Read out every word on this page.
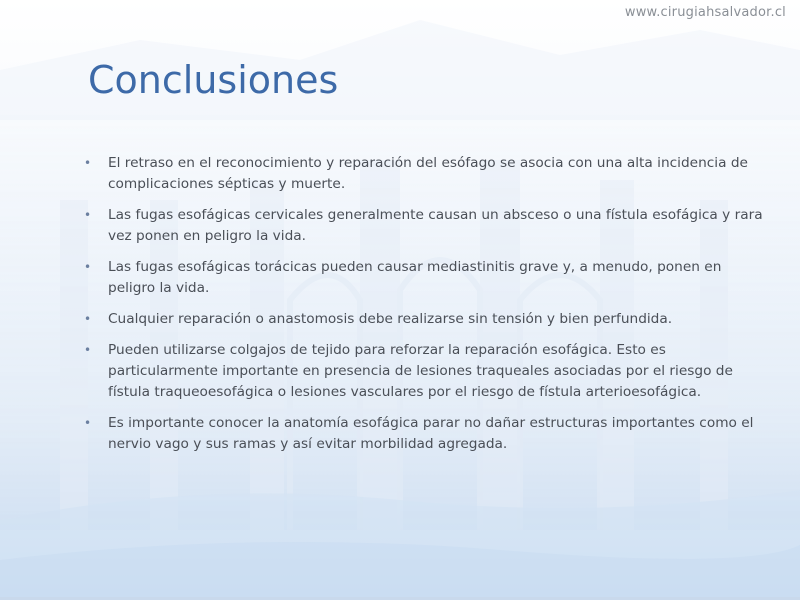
www.cirugiahsalvador.cl
Conclusiones
• El retraso en el reconocimiento y reparación del esófago se asocia con una alta incidencia de complicaciones sépticas y muerte.
• Las fugas esofágicas cervicales generalmente causan un absceso o una fístula esofágica y rara vez ponen en peligro la vida.
• Las fugas esofágicas torácicas pueden causar mediastinitis grave y, a menudo, ponen en peligro la vida.
• Cualquier reparación o anastomosis debe realizarse sin tensión y bien perfundida.
• Pueden utilizarse colgajos de tejido para reforzar la reparación esofágica. Esto es particularmente importante en presencia de lesiones traqueales asociadas por el riesgo de fístula traqueoesofágica o lesiones vasculares por el riesgo de fístula arterioesofágica.
• Es importante conocer la anatomía esofágica parar no dañar estructuras importantes como el nervio vago y sus ramas y así evitar morbilidad agregada.
